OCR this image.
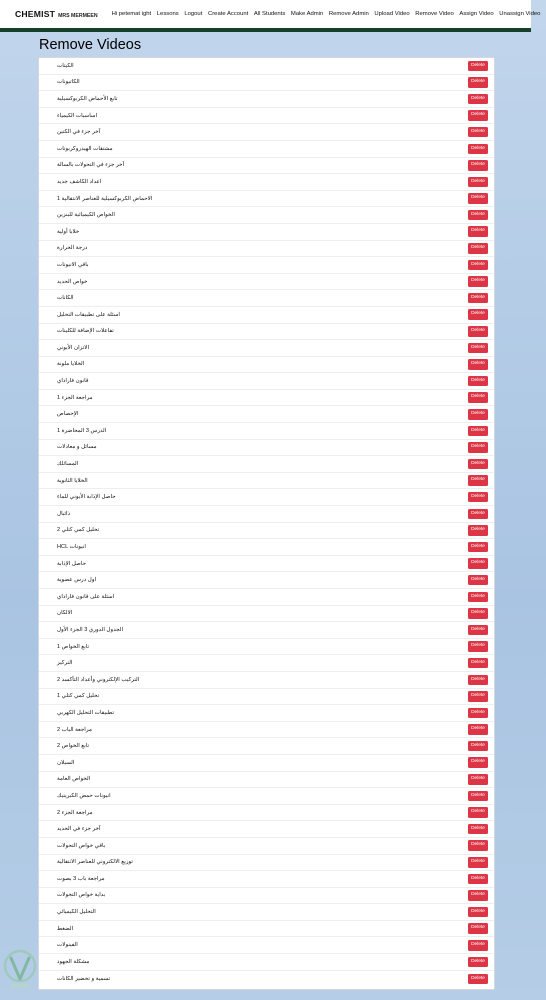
CHEMIST MRS MERMEEN Hi petemat ight Lessons Logout Create Account All Students Make Admin Remove Admin Upload Video Remove Video Assign Video Unassign Video
Remove Videos
الكيتات	Delete
الكاتيونات	Delete
تابع الأحماض الكربوكسيلية	Delete
اساسيات الكيمياء	Delete
آخر جزء في الكتين	Delete
مشتقات الهيدروكربونات	Delete
آخر جزء في التحولات بالسالة	Delete
اعداد الكاشف جديد	Delete
الاحماض الكربوكسيلية للعناصر الانتقالية 1	Delete
الخواص الكيميائية للبنزين	Delete
خلايا أولية	Delete
درجة الحرارة	Delete
باقي الانيونات	Delete
خواص الحديد	Delete
الكانات	Delete
اسئلة على تطبيقات التحليل	Delete
تفاعلات الإضافة للكلينات	Delete
الاتزان الأيوني	Delete
الخلايا ملونة	Delete
قانون فاراداي	Delete
مراجعة الجزء 1	Delete
الإحصاص	Delete
الدرس 3 المحاضرة 1	Delete
مسائل و معادلات	Delete
المسائلك	Delete
الخلايا الثانوية	Delete
حاصل الإذابة الأيوني للماء	Delete
ذائبال	Delete
تحليل كمي كتلي 2	Delete
انيونات HCL	Delete
حاصل الإذابة	Delete
اول درس عضوية	Delete
اسئلة على قانون فاراداي	Delete
الالكان	Delete
الجدول الدوري 3 الجزء الأول	Delete
تابع الخواص 1	Delete
التركيز	Delete
التركيب الإلكتروني وأعداد التأكسد 2	Delete
تحليل كمي كتلي 1	Delete
تطبيقات التحليل الكهربي	Delete
مراجعة الباب 2	Delete
تابع الخواص 2	Delete
السيلان	Delete
الخواص العامة	Delete
انيونات حمض الكبريتيك	Delete
مراجعة الجزء 2	Delete
آخر جزء في الحديد	Delete
باقي خواص التحولات	Delete
توزيع الالكتروني للعناصر الانتقالية	Delete
مراجعة باب 3 بصوت	Delete
بداية خواص التحولات	Delete
التحليل الكيميائي	Delete
الضغط	Delete
الفينولات	Delete
مشكلة الجهود	Delete
تسمية و تحضير الكانات	Delete
